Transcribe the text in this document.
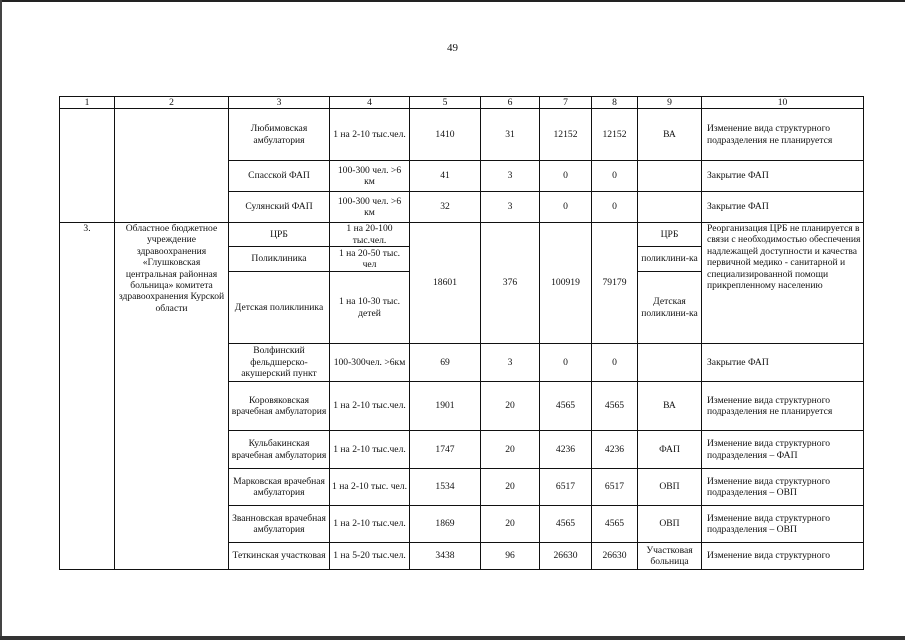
49
1	2	3	4	5	6	7	8	9	10
		Любимовская амбулатория	1 на 2-10 тыс.чел.	1410	31	12152	12152	ВА	Изменение вида структурного подразделения не планируется
		Спасской ФАП	100-300 чел. >6 км	41	3	0	0		Закрытие ФАП
		Сулянский ФАП	100-300 чел. >6 км	32	3	0	0		Закрытие ФАП
3.	Областное бюджетное учреждение здравоохранения «Глушковская центральная районная больница» комитета здравоохранения Курской области	ЦРБ	1 на 20-100 тыс.чел.	18601	376	100919	79179	ЦРБ	Реорганизация ЦРБ не планируется в связи с необходимостью обеспечения надлежащей доступности и качества первичной медико - санитарной и специализированной помощи прикрепленному населению
		Поликлиника	1 на 20-50 тыс. чел					поликлини-ка	
		Детская поликлиника	1 на 10-30 тыс. детей					Детская поликлини-ка	
		Волфинский фельдшерско-акушерский пункт	100-300чел. >6км	69	3	0	0		Закрытие ФАП
		Коровяковская врачебная амбулатория	1 на 2-10 тыс.чел.	1901	20	4565	4565	ВА	Изменение вида структурного подразделения не планируется
		Кульбакинская врачебная амбулатория	1 на 2-10 тыс.чел.	1747	20	4236	4236	ФАП	Изменение вида структурного подразделения – ФАП
		Марковская врачебная амбулатория	1 на 2-10 тыс. чел.	1534	20	6517	6517	ОВП	Изменение вида структурного подразделения – ОВП
		Званновская врачебная амбулатория	1 на 2-10 тыс.чел.	1869	20	4565	4565	ОВП	Изменение вида структурного подразделения – ОВП
		Теткинская участковая	1 на 5-20 тыс.чел.	3438	96	26630	26630	Участковая больница	Изменение вида структурного
